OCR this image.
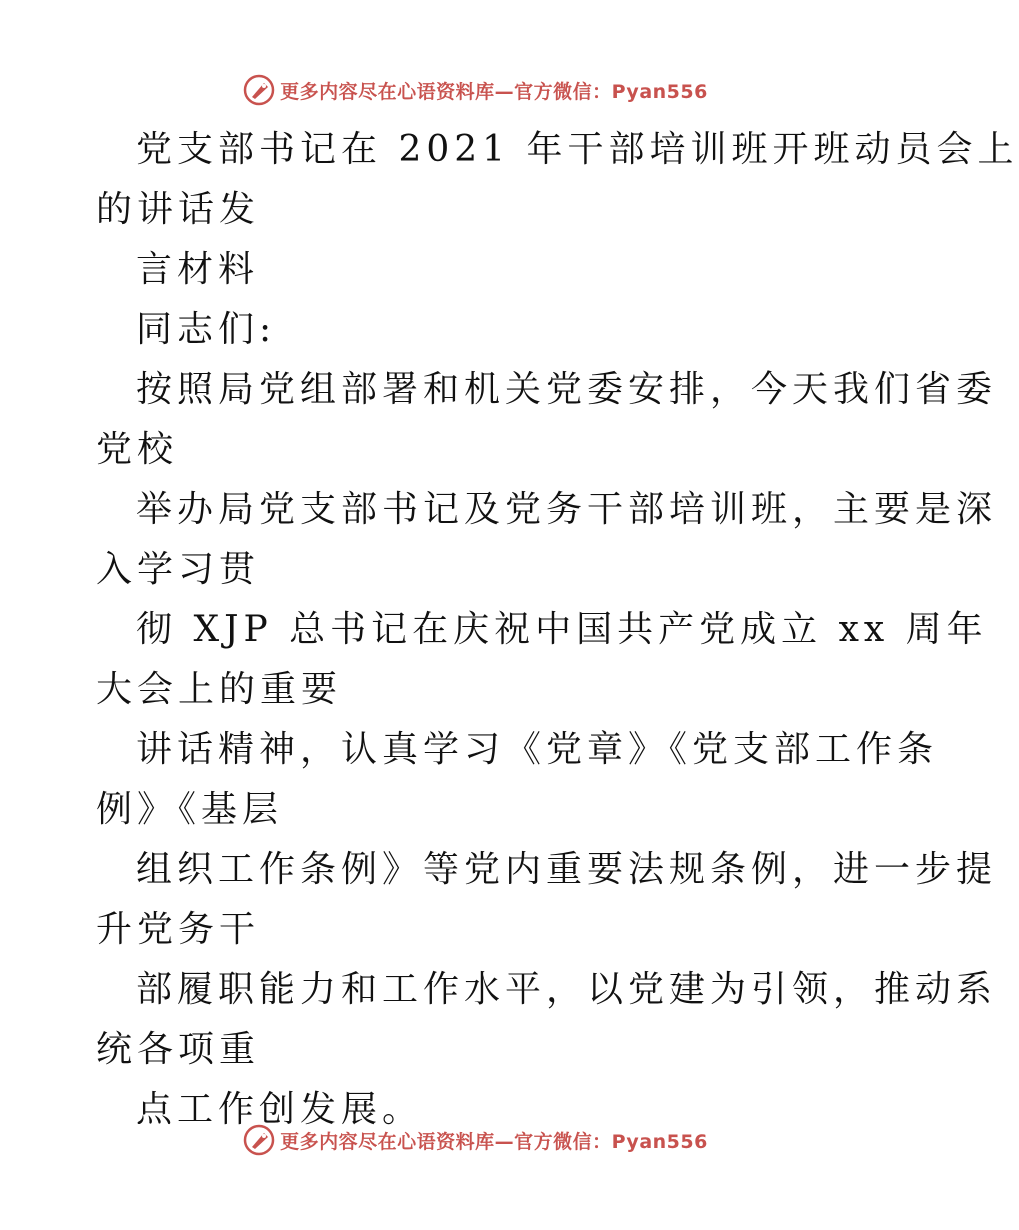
更多内容尽在心语资料库—官方微信：Pyan556
党支部书记在 2021 年干部培训班开班动员会上
的讲话发
言材料
同志们:
按照局党组部署和机关党委安排，今天我们省委
党校
举办局党支部书记及党务干部培训班，主要是深
入学习贯
彻 XJP 总书记在庆祝中国共产党成立 xx 周年
大会上的重要
讲话精神，认真学习《党章》《党支部工作条
例》《基层
组织工作条例》等党内重要法规条例，进一步提
升党务干
部履职能力和工作水平，以党建为引领，推动系
统各项重
点工作创发展。
更多内容尽在心语资料库—官方微信：Pyan556
